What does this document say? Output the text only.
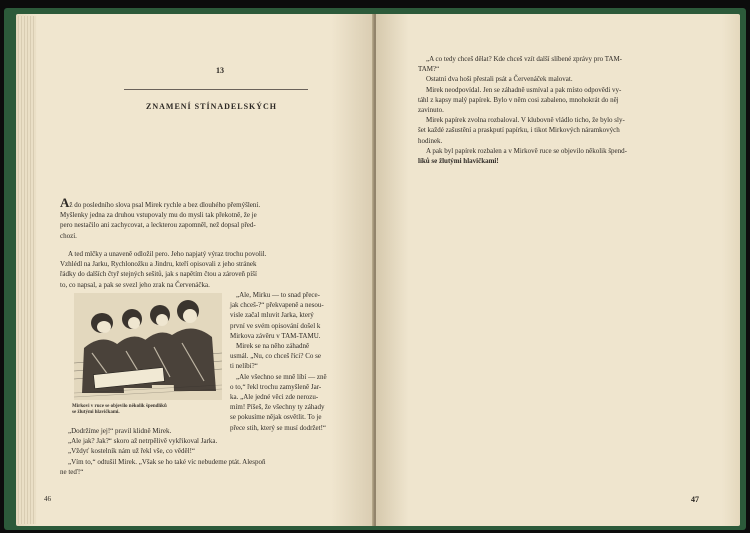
13
ZNAMENÍ STÍNADELSKÝCH

Až do posledního slova psal Mirek rychle a bez dlouhého přemýšlení.

Myšlenky jedna za druhou vstupovaly mu do mysli tak překotně, že je
pero nestačilo ani zachycovat, a leckterou zapomněl, než dopsal před-
chozí.
A ted mlčky a unaveně odložil pero. Jeho napjatý výraz trochu povolil.
Vzhlédl na Jarku, Rychlonožku a Jindru, kteří opisovali z jeho stránek
řádky do dalších čtyř stejných sešitů, jak s napětím čtou a zároveň píší
to, co napsal, a pak se svezl jeho zrak na Červenáčka.
Mirkovi v ruce se objevilo několik špendlíků
se žlutými hlavičkami.
„Ale, Mirku — to snad přece-
jak chceš-?“ překvapeně a nesou-
visle začal mluvit Jarka, který
první ve svém opisování došel k
Mirkova závěru v TAM-TAMU.
Mirek se na něho záhadně
usmál. „Nu, co chceš říci? Co se
ti nelíbí?“
„Ale všechno se mně líbí — zně
o to,“ řekl trochu zamyšleně Jar-
ka. „Ale jedné věci zde nerozu-
mím! Píšeš, že všechny ty záhady
se pokusíme nějak osvětlit. To je
přece stih, který se musí dodržet!“
„Dodržíme jej!“ pravil klidně Mirek.
„Ale jak? Jak?“ skoro až netrpělivě vykřikoval Jarka.
„Vždyť kostelník nám už řekl vše, co věděl!“
„Vím to,“ odtušil Mirek. „Však se ho také víc nebudeme ptát. Alespoň
ne teď!“
46
„A co tedy chceš dělat? Kde chceš vzít další slíbené zprávy pro TAM-
TAM?“
Ostatní dva hoši přestali psát a Červenáček malovat.
Mirek neodpovídal. Jen se záhadně usmíval a pak místo odpovědi vy-
táhl z kapsy malý papírek. Bylo v něm cosi zabaleno, mnohokrát do něj
zavinuto.
Mirek papírek zvolna rozbaloval. V klubovně vládlo ticho, že bylo sly-
šet každé zašustění a praskputí papírku, i tikot Mirkových náramkových
hodinek.
A pak byl papírek rozbalen a v Mirkově ruce se objevilo několik špend-
líků se žlutými hlavičkami!
47
